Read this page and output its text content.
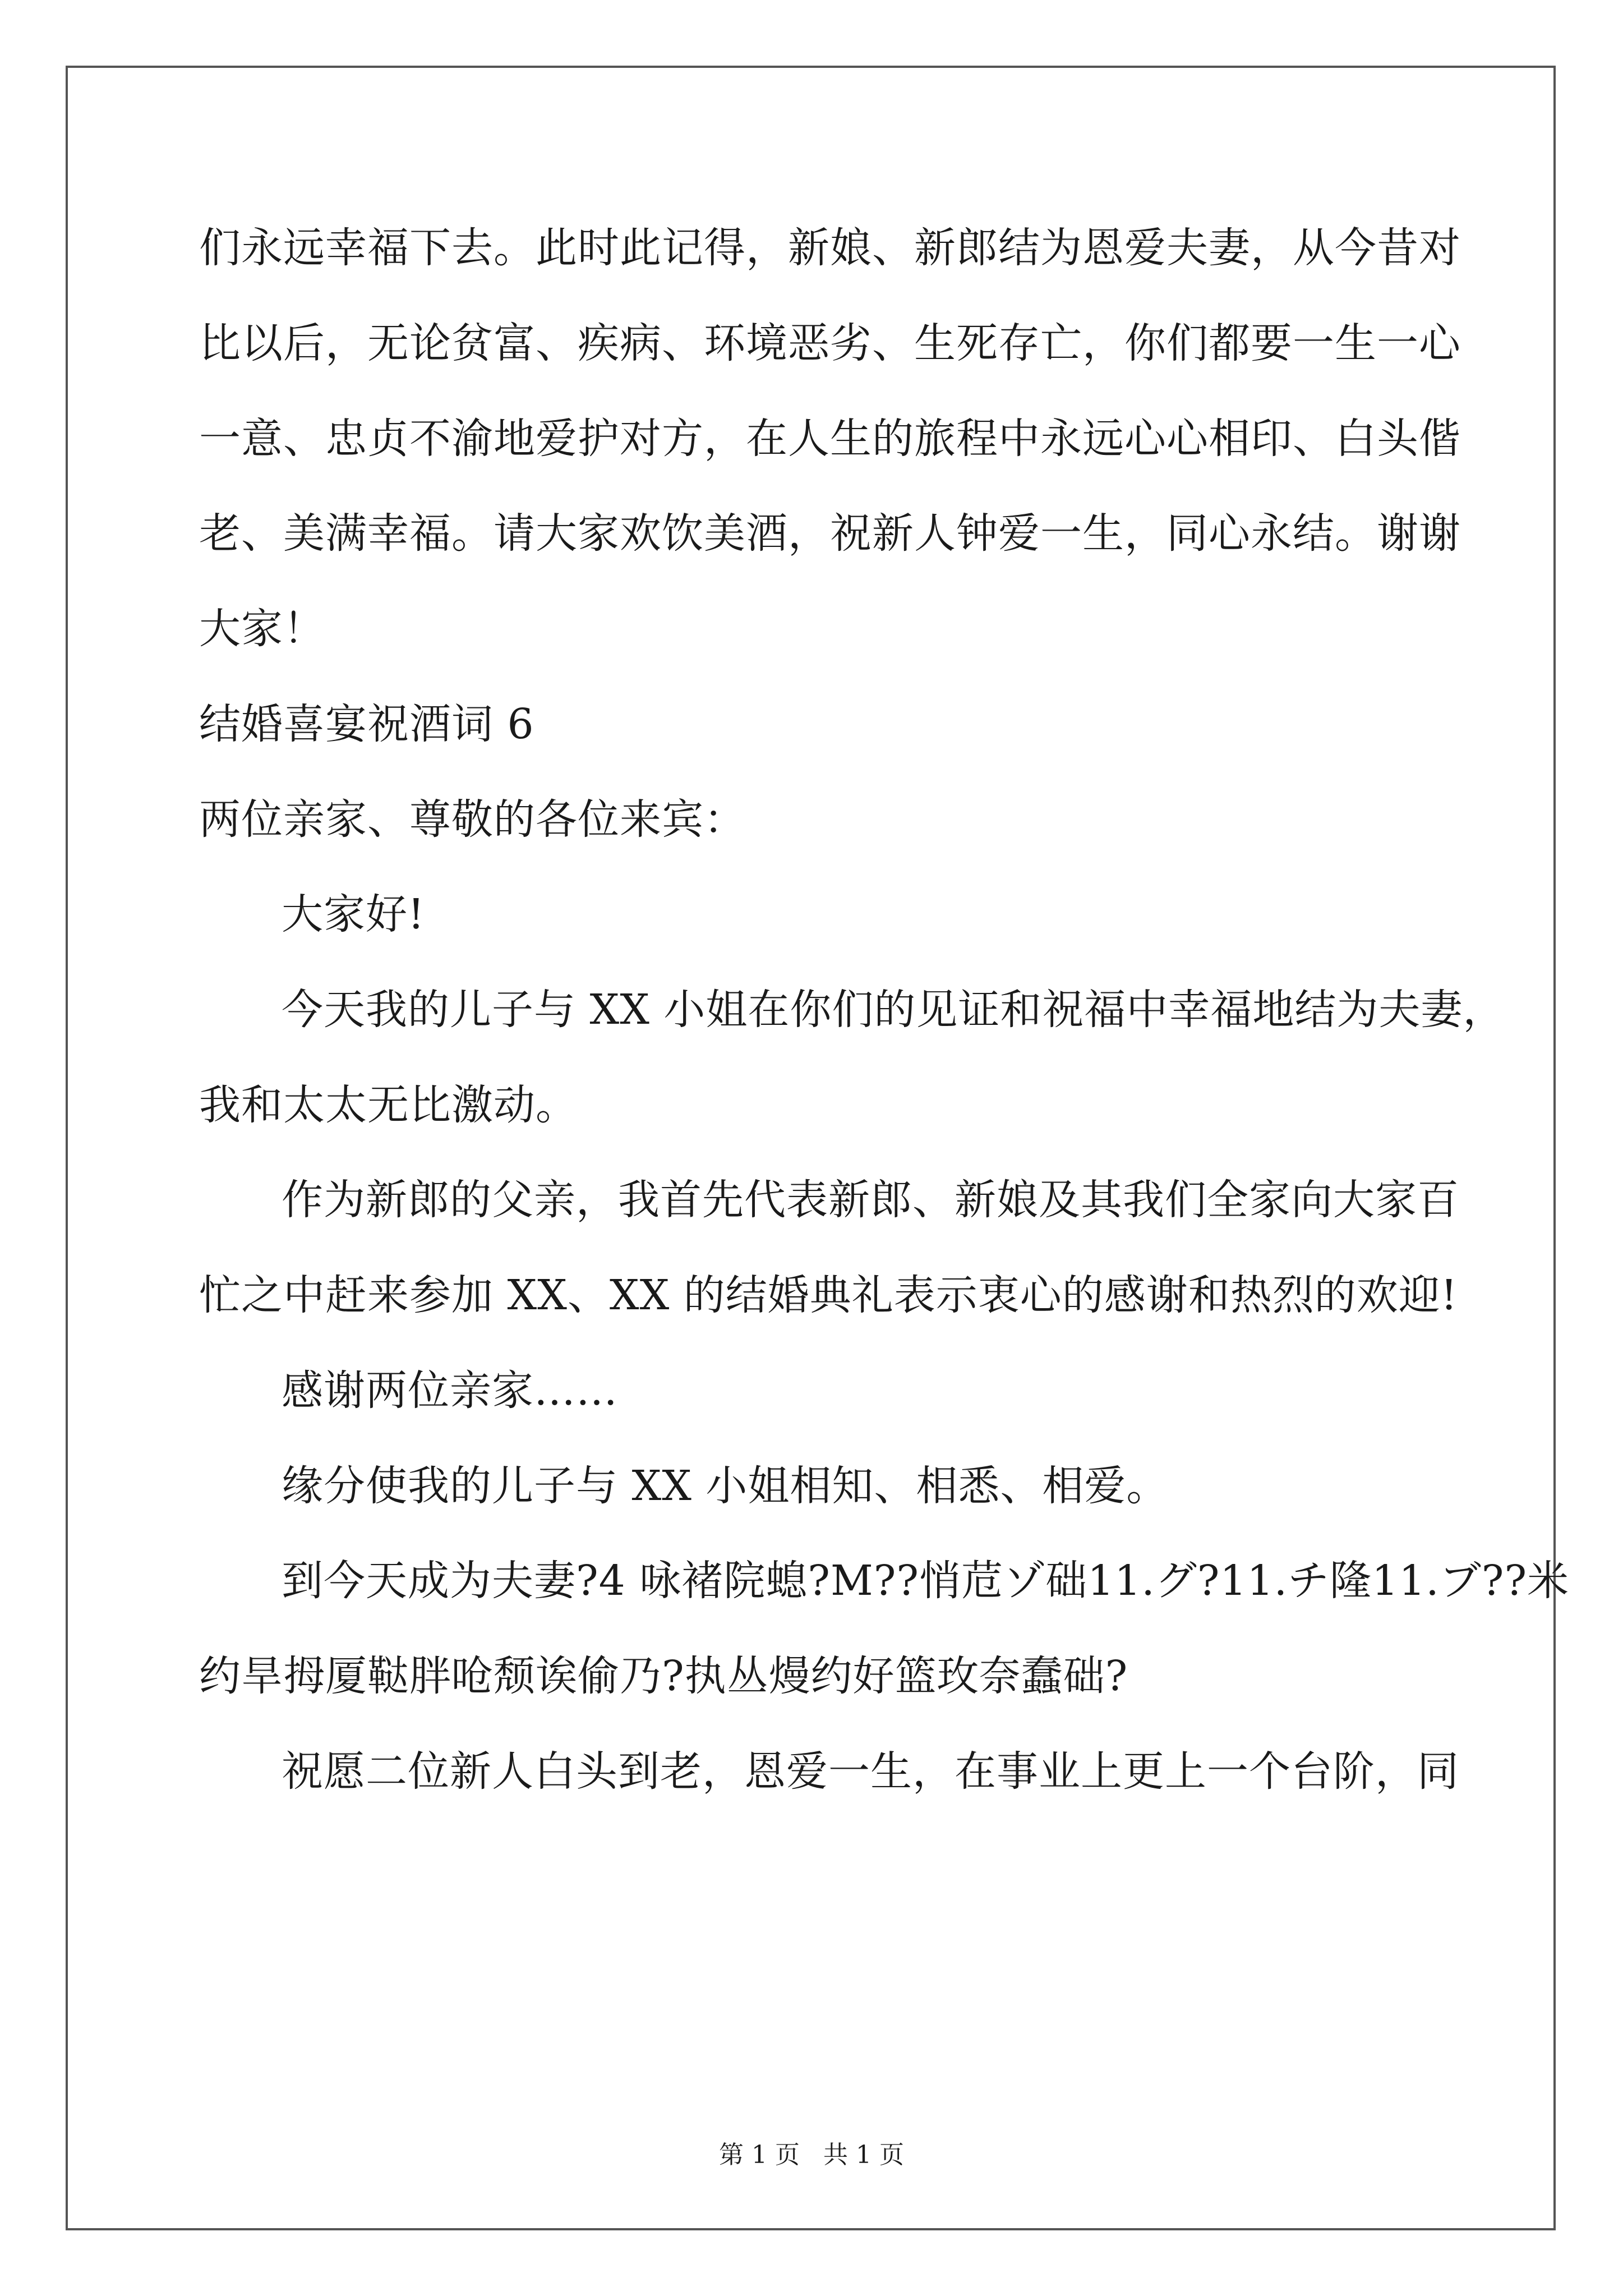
们永远幸福下去。此时此记得，新娘、新郎结为恩爱夫妻，从今昔对
比以后，无论贫富、疾病、环境恶劣、生死存亡，你们都要一生一心
一意、忠贞不渝地爱护对方，在人生的旅程中永远心心相印、白头偕
老、美满幸福。请大家欢饮美酒，祝新人钟爱一生，同心永结。谢谢
大家！
结婚喜宴祝酒词 6
两位亲家、尊敬的各位来宾：
大家好!
今天我的儿子与 XX 小姐在你们的见证和祝福中幸福地结为夫妻，
我和太太无比激动。
作为新郎的父亲，我首先代表新郎、新娘及其我们全家向大家百
忙之中赶来参加 XX、XX 的结婚典礼表示衷心的感谢和热烈的欢迎!
感谢两位亲家……
缘分使我的儿子与 XX 小姐相知、相悉、相爱。
到今天成为夫妻?4 咏褚院螅?M??悄苊ゾ础11.グ?11.チ隆11.ブ??米
约旱拇厦鞑胖呛颓诶偷乃?执丛熳约好篮玫奈蠢础?
祝愿二位新人白头到老，恩爱一生，在事业上更上一个台阶，同
第 1 页   共 1 页
